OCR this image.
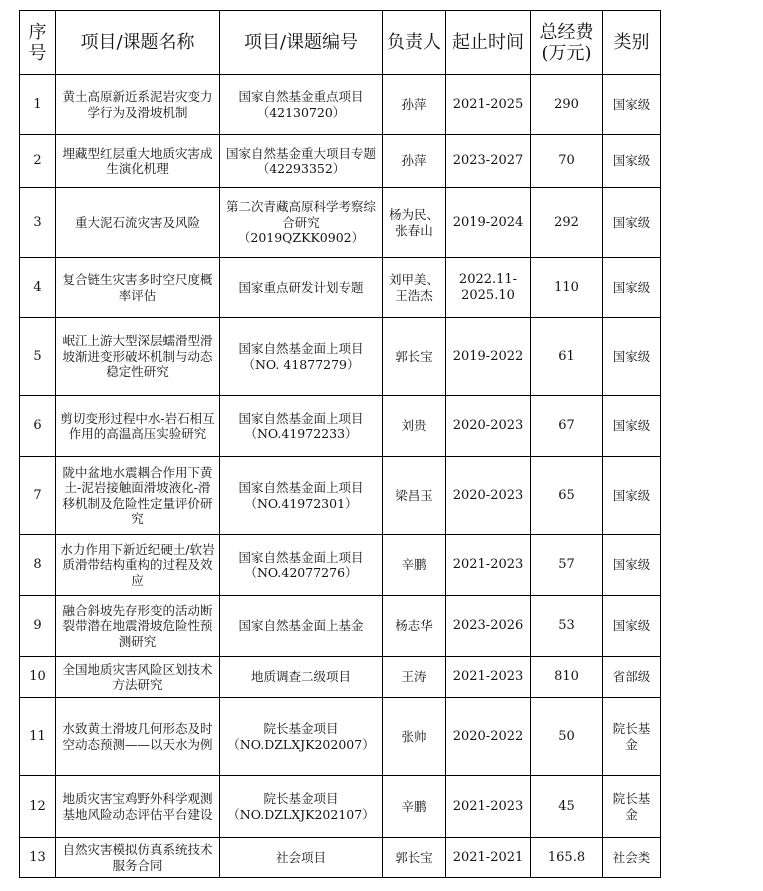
序号	项目/课题名称	项目/课题编号	负责人	起止时间	总经费(万元)	类别
1	黄土高原新近系泥岩灾变力学行为及滑坡机制	国家自然基金重点项目（42130720）	孙萍	2021-2025	290	国家级
2	埋藏型红层重大地质灾害成生演化机理	国家自然基金重大项目专题（42293352）	孙萍	2023-2027	70	国家级
3	重大泥石流灾害及风险	第二次青藏高原科学考察综合研究（2019QZKK0902）	杨为民、张春山	2019-2024	292	国家级
4	复合链生灾害多时空尺度概率评估	国家重点研发计划专题	刘甲美、王浩杰	2022.11-2025.10	110	国家级
5	岷江上游大型深层蠕滑型滑坡渐进变形破坏机制与动态稳定性研究	国家自然基金面上项目（NO. 41877279）	郭长宝	2019-2022	61	国家级
6	剪切变形过程中水-岩石相互作用的高温高压实验研究	国家自然基金面上项目（NO.41972233）	刘贵	2020-2023	67	国家级
7	陇中盆地水震耦合作用下黄土-泥岩接触面滑坡液化-滑移机制及危险性定量评价研究	国家自然基金面上项目（NO.41972301）	梁昌玉	2020-2023	65	国家级
8	水力作用下新近纪硬土/软岩质滑带结构重构的过程及效应	国家自然基金面上项目（NO.42077276）	辛鹏	2021-2023	57	国家级
9	融合斜坡先存形变的活动断裂带潜在地震滑坡危险性预测研究	国家自然基金面上基金	杨志华	2023-2026	53	国家级
10	全国地质灾害风险区划技术方法研究	地质调查二级项目	王涛	2021-2023	810	省部级
11	水致黄土滑坡几何形态及时空动态预测——以天水为例	院长基金项目（NO.DZLXJK202007）	张帅	2020-2022	50	院长基金
12	地质灾害宝鸡野外科学观测基地风险动态评估平台建设	院长基金项目（NO.DZLXJK202107）	辛鹏	2021-2023	45	院长基金
13	自然灾害模拟仿真系统技术服务合同	社会项目	郭长宝	2021-2021	165.8	社会类
